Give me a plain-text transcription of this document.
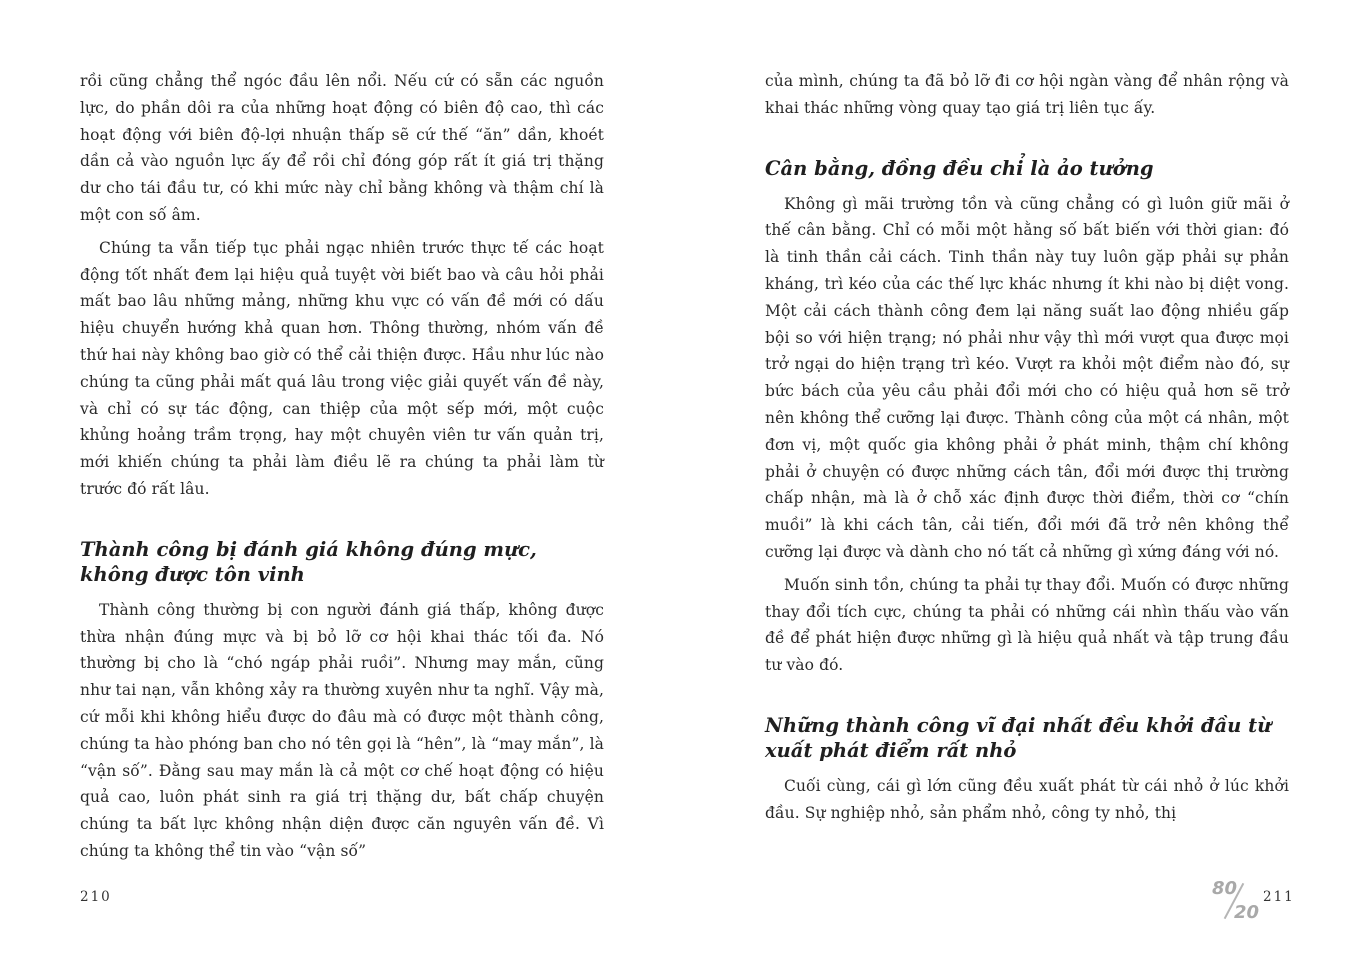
rồi cũng chẳng thể ngóc đầu lên nổi. Nếu cứ có sẵn các nguồn lực, do phần dôi ra của những hoạt động có biên độ cao, thì các hoạt động với biên độ-lợi nhuận thấp sẽ cứ thế “ăn” dần, khoét dần cả vào nguồn lực ấy để rồi chỉ đóng góp rất ít giá trị thặng dư cho tái đầu tư, có khi mức này chỉ bằng không và thậm chí là một con số âm.

Chúng ta vẫn tiếp tục phải ngạc nhiên trước thực tế các hoạt động tốt nhất đem lại hiệu quả tuyệt vời biết bao và câu hỏi phải mất bao lâu những mảng, những khu vực có vấn đề mới có dấu hiệu chuyển hướng khả quan hơn. Thông thường, nhóm vấn đề thứ hai này không bao giờ có thể cải thiện được. Hầu như lúc nào chúng ta cũng phải mất quá lâu trong việc giải quyết vấn đề này, và chỉ có sự tác động, can thiệp của một sếp mới, một cuộc khủng hoảng trầm trọng, hay một chuyên viên tư vấn quản trị, mới khiến chúng ta phải làm điều lẽ ra chúng ta phải làm từ trước đó rất lâu.

Thành công bị đánh giá không đúng mực, không được tôn vinh

Thành công thường bị con người đánh giá thấp, không được thừa nhận đúng mực và bị bỏ lỡ cơ hội khai thác tối đa. Nó thường bị cho là “chó ngáp phải ruồi”. Nhưng may mắn, cũng như tai nạn, vẫn không xảy ra thường xuyên như ta nghĩ. Vậy mà, cứ mỗi khi không hiểu được do đâu mà có được một thành công, chúng ta hào phóng ban cho nó tên gọi là “hên”, là “may mắn”, là “vận số”. Đằng sau may mắn là cả một cơ chế hoạt động có hiệu quả cao, luôn phát sinh ra giá trị thặng dư, bất chấp chuyện chúng ta bất lực không nhận diện được căn nguyên vấn đề. Vì chúng ta không thể tin vào “vận số”

210

của mình, chúng ta đã bỏ lỡ đi cơ hội ngàn vàng để nhân rộng và khai thác những vòng quay tạo giá trị liên tục ấy.

Cân bằng, đồng đều chỉ là ảo tưởng

Không gì mãi trường tồn và cũng chẳng có gì luôn giữ mãi ở thế cân bằng. Chỉ có mỗi một hằng số bất biến với thời gian: đó là tinh thần cải cách. Tinh thần này tuy luôn gặp phải sự phản kháng, trì kéo của các thế lực khác nhưng ít khi nào bị diệt vong. Một cải cách thành công đem lại năng suất lao động nhiều gấp bội so với hiện trạng; nó phải như vậy thì mới vượt qua được mọi trở ngại do hiện trạng trì kéo. Vượt ra khỏi một điểm nào đó, sự bức bách của yêu cầu phải đổi mới cho có hiệu quả hơn sẽ trở nên không thể cưỡng lại được. Thành công của một cá nhân, một đơn vị, một quốc gia không phải ở phát minh, thậm chí không phải ở chuyện có được những cách tân, đổi mới được thị trường chấp nhận, mà là ở chỗ xác định được thời điểm, thời cơ “chín muồi” là khi cách tân, cải tiến, đổi mới đã trở nên không thể cưỡng lại được và dành cho nó tất cả những gì xứng đáng với nó.

Muốn sinh tồn, chúng ta phải tự thay đổi. Muốn có được những thay đổi tích cực, chúng ta phải có những cái nhìn thấu vào vấn đề để phát hiện được những gì là hiệu quả nhất và tập trung đầu tư vào đó.

Những thành công vĩ đại nhất đều khởi đầu từ xuất phát điểm rất nhỏ

Cuối cùng, cái gì lớn cũng đều xuất phát từ cái nhỏ ở lúc khởi đầu. Sự nghiệp nhỏ, sản phẩm nhỏ, công ty nhỏ, thị

80
20
211
